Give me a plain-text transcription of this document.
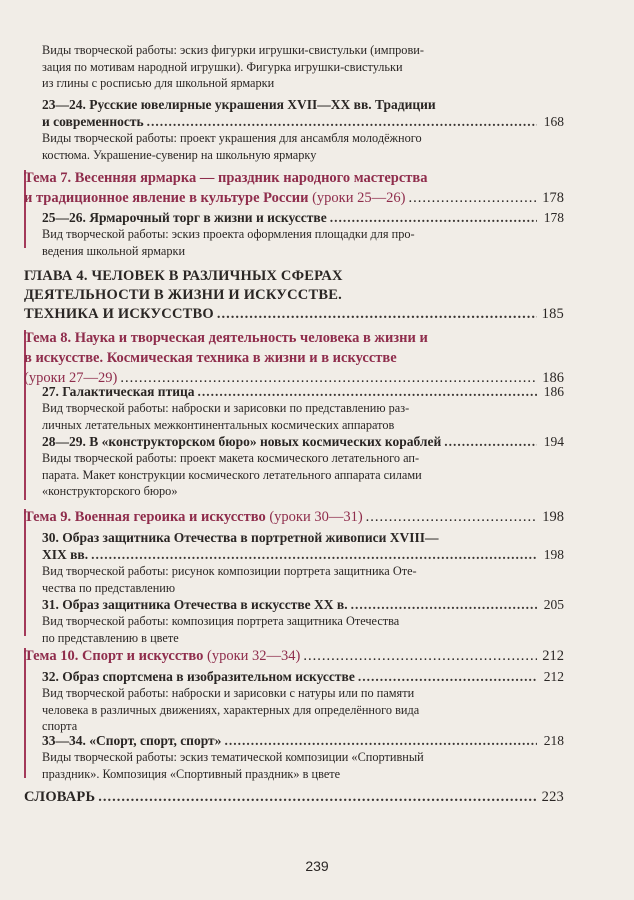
Виды творческой работы: эскиз фигурки игрушки-свистульки (импрови-
зация по мотивам народной игрушки). Фигурка игрушки-свистульки
из глины с росписью для школьной ярмарки
23—24. Русские ювелирные украшения XVII—XX вв. Традиции
и современность .....	168
Виды творческой работы: проект украшения для ансамбля молодёжного
костюма. Украшение-сувенир на школьную ярмарку
Тема 7. Весенняя ярмарка — праздник народного мастерства
и традиционное явление в культуре России
(уроки 25—26) .....	178
25—26. Ярмарочный торг в жизни и искусстве .....	178
Вид творческой работы: эскиз проекта оформления площадки для про-
ведения школьной ярмарки
ГЛАВА 4. ЧЕЛОВЕК В РАЗЛИЧНЫХ СФЕРАХ
ДЕЯТЕЛЬНОСТИ В ЖИЗНИ И ИСКУССТВЕ.
ТЕХНИКА И ИСКУССТВО .....	185
Тема 8. Наука и творческая деятельность человека в жизни и
в искусстве. Космическая техника в жизни и в искусстве
(уроки 27—29) .....	186
27. Галактическая птица .....	186
Вид творческой работы: наброски и зарисовки по представлению раз-
личных летательных межконтинентальных космических аппаратов
28—29. В «конструкторском бюро» новых космических кораблей .....	194
Виды творческой работы: проект макета космического летательного ап-
парата. Макет конструкции космического летательного аппарата силами
«конструкторского бюро»
Тема 9. Военная героика и искусство
(уроки 30—31) .....	198
30. Образ защитника Отечества в портретной живописи XVIII—
XIX вв. .....	198
Вид творческой работы: рисунок композиции портрета защитника Оте-
чества по представлению
31. Образ защитника Отечества в искусстве XX в. .....	205
Вид творческой работы: композиция портрета защитника Отечества
по представлению в цвете
Тема 10. Спорт и искусство
(уроки 32—34) .....	212
32. Образ спортсмена в изобразительном искусстве .....	212
Вид творческой работы: наброски и зарисовки с натуры или по памяти
человека в различных движениях, характерных для определённого вида
спорта
33—34. «Спорт, спорт, спорт» .....	218
Виды творческой работы: эскиз тематической композиции «Спортивный
праздник». Композиция «Спортивный праздник» в цвете
СЛОВАРЬ .....	223
239
